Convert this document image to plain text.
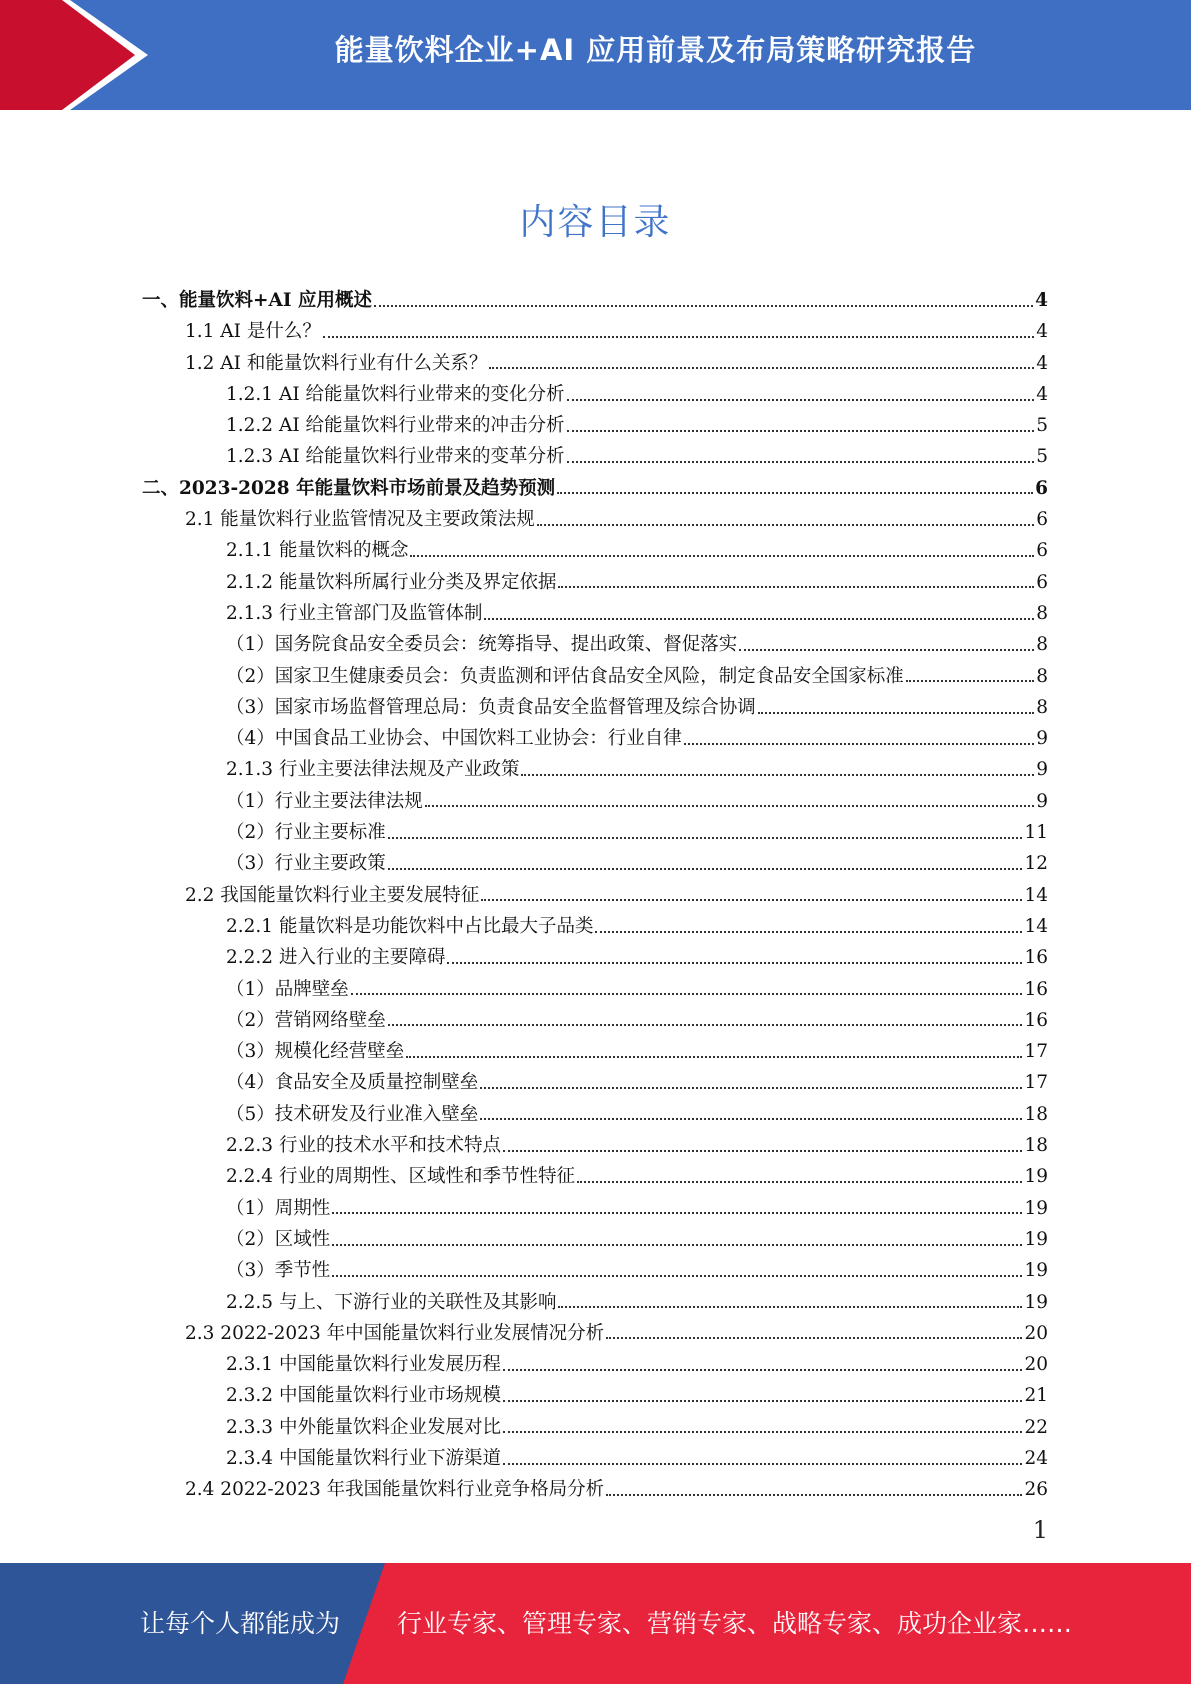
能量饮料企业+AI 应用前景及布局策略研究报告
内容目录
一、能量饮料+AI 应用概述	4
1.1 AI 是什么？	4
1.2 AI 和能量饮料行业有什么关系？	4
1.2.1 AI 给能量饮料行业带来的变化分析	4
1.2.2 AI 给能量饮料行业带来的冲击分析	5
1.2.3 AI 给能量饮料行业带来的变革分析	5
二、2023-2028 年能量饮料市场前景及趋势预测	6
2.1 能量饮料行业监管情况及主要政策法规	6
2.1.1 能量饮料的概念	6
2.1.2 能量饮料所属行业分类及界定依据	6
2.1.3 行业主管部门及监管体制	8
（1）国务院食品安全委员会：统筹指导、提出政策、督促落实	8
（2）国家卫生健康委员会：负责监测和评估食品安全风险，制定食品安全国家标准	8
（3）国家市场监督管理总局：负责食品安全监督管理及综合协调	8
（4）中国食品工业协会、中国饮料工业协会：行业自律	9
2.1.3 行业主要法律法规及产业政策	9
（1）行业主要法律法规	9
（2）行业主要标准	11
（3）行业主要政策	12
2.2 我国能量饮料行业主要发展特征	14
2.2.1 能量饮料是功能饮料中占比最大子品类	14
2.2.2 进入行业的主要障碍	16
（1）品牌壁垒	16
（2）营销网络壁垒	16
（3）规模化经营壁垒	17
（4）食品安全及质量控制壁垒	17
（5）技术研发及行业准入壁垒	18
2.2.3 行业的技术水平和技术特点	18
2.2.4 行业的周期性、区域性和季节性特征	19
（1）周期性	19
（2）区域性	19
（3）季节性	19
2.2.5 与上、下游行业的关联性及其影响	19
2.3 2022-2023 年中国能量饮料行业发展情况分析	20
2.3.1 中国能量饮料行业发展历程	20
2.3.2 中国能量饮料行业市场规模	21
2.3.3 中外能量饮料企业发展对比	22
2.3.4 中国能量饮料行业下游渠道	24
2.4 2022-2023 年我国能量饮料行业竞争格局分析	26
1
让每个人都能成为 行业专家、管理专家、营销专家、战略专家、成功企业家……
